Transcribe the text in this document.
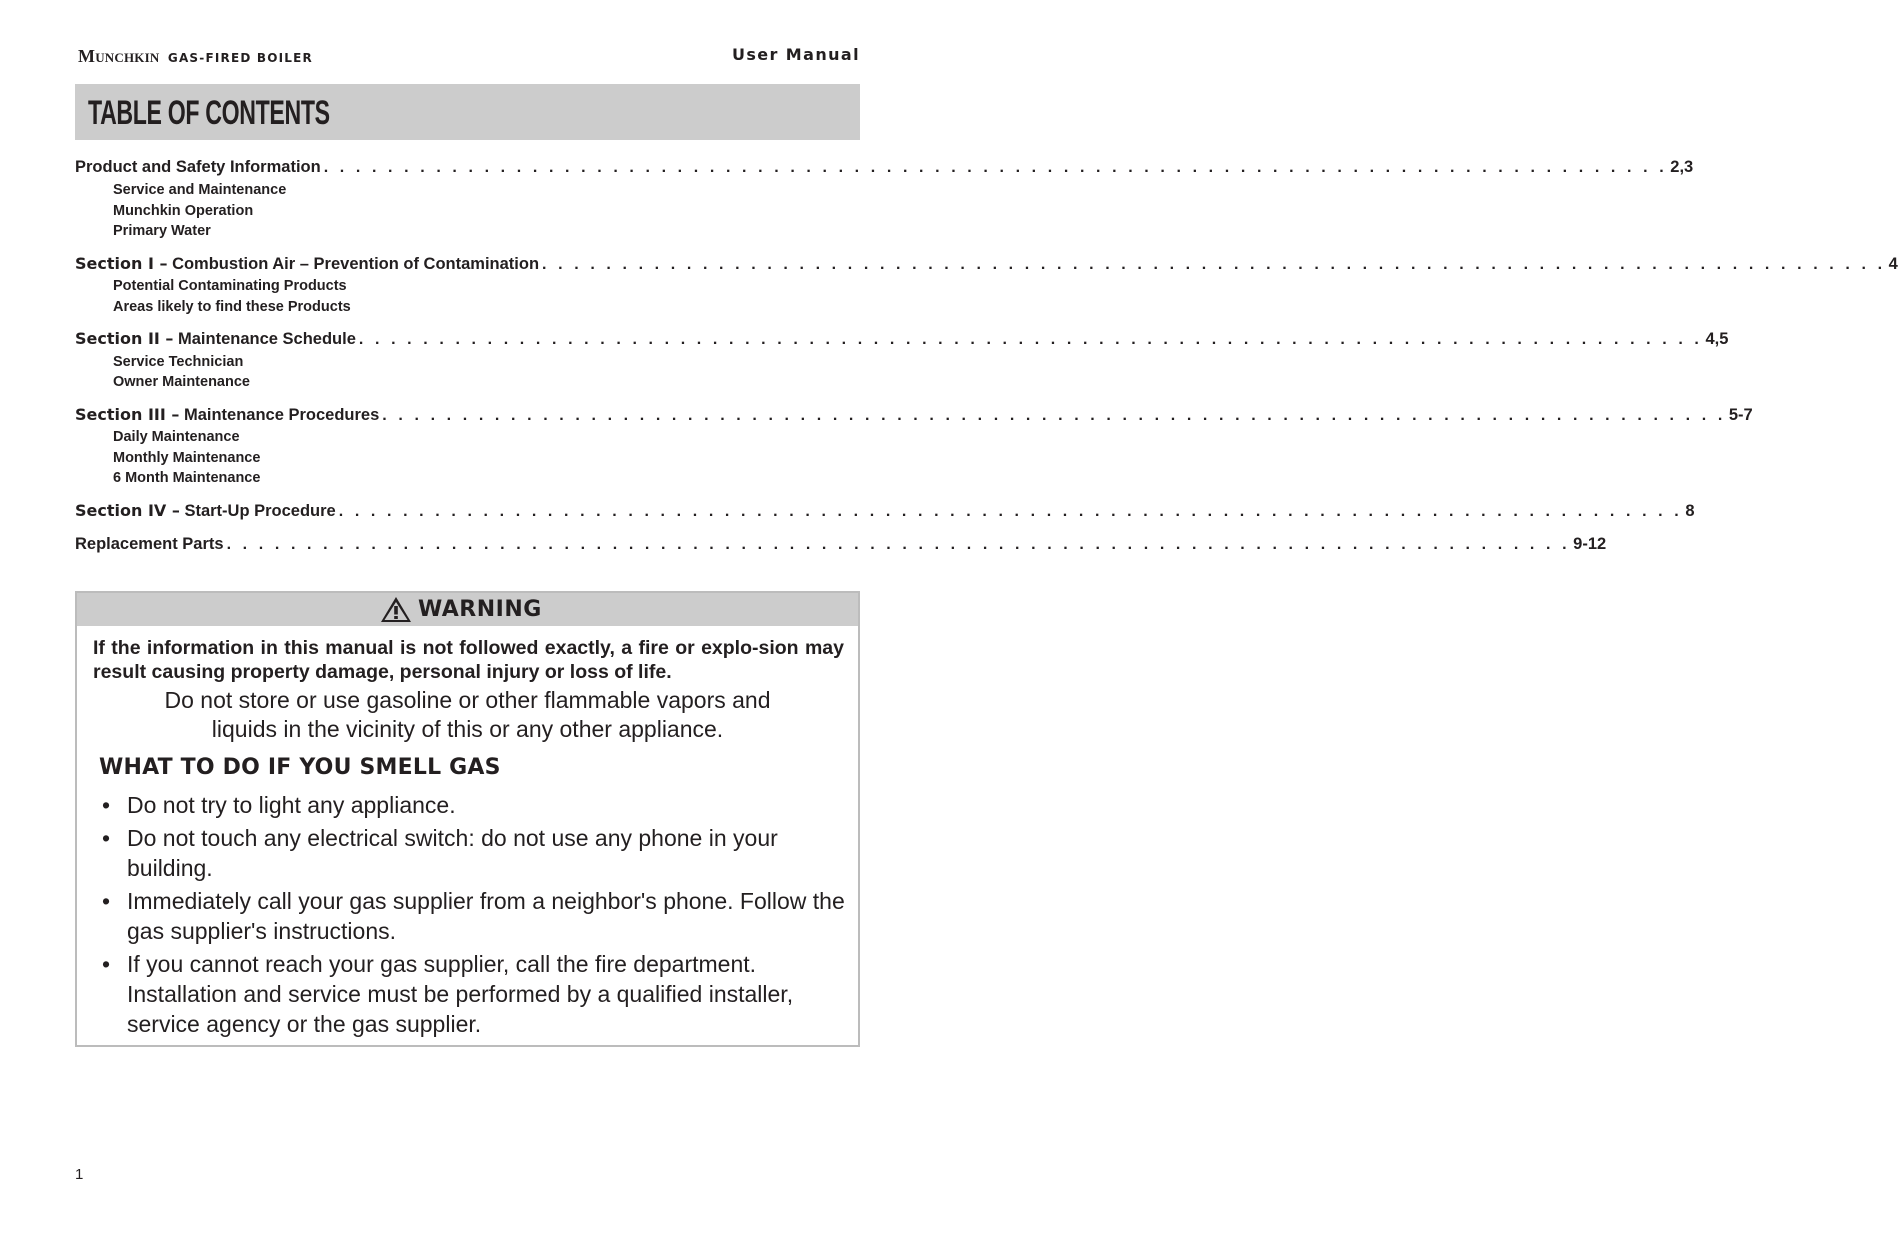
Munchkin GAS-FIRED BOILER	User Manual
TABLE OF CONTENTS
Product and Safety Information . . . . . . . . . . . . . . . . . . . . . . . . . . . . . . . . . . . . . . . . . . . . . . . . . . . . . . . . . . . . . . . . . . . . . . . . . . . . . . . . . . . . 2,3
Service and Maintenance
Munchkin Operation
Primary Water
Section I – Combustion Air – Prevention of Contamination . . . . . . . . . . . . . . . . . . . . . . . . . . . . . . . . . . . . . . . . . . . . . . . . . . . . . . . . . . . . . . . . . . . . . . . . . . . . . . . . . . . . 4
Potential Contaminating Products
Areas likely to find these Products
Section II – Maintenance Schedule . . . . . . . . . . . . . . . . . . . . . . . . . . . . . . . . . . . . . . . . . . . . . . . . . . . . . . . . . . . . . . . . . . . . . . . . . . . . . . . . . . . . 4,5
Service Technician
Owner Maintenance
Section III – Maintenance Procedures . . . . . . . . . . . . . . . . . . . . . . . . . . . . . . . . . . . . . . . . . . . . . . . . . . . . . . . . . . . . . . . . . . . . . . . . . . . . . . . . . . . . 5-7
Daily Maintenance
Monthly Maintenance
6 Month Maintenance
Section IV – Start-Up Procedure . . . . . . . . . . . . . . . . . . . . . . . . . . . . . . . . . . . . . . . . . . . . . . . . . . . . . . . . . . . . . . . . . . . . . . . . . . . . . . . . . . . . 8
Replacement Parts . . . . . . . . . . . . . . . . . . . . . . . . . . . . . . . . . . . . . . . . . . . . . . . . . . . . . . . . . . . . . . . . . . . . . . . . . . . . . . . . . . . . 9-12
WARNING
If the information in this manual is not followed exactly, a fire or explo-sion may result causing property damage, personal injury or loss of life.
Do not store or use gasoline or other flammable vapors and
liquids in the vicinity of this or any other appliance.
WHAT TO DO IF YOU SMELL GAS
• Do not try to light any appliance.
• Do not touch any electrical switch: do not use any phone in your building.
• Immediately call your gas supplier from a neighbor's phone. Follow the gas supplier's instructions.
• If you cannot reach your gas supplier, call the fire department. Installation and service must be performed by a qualified installer, service agency or the gas supplier.
1
